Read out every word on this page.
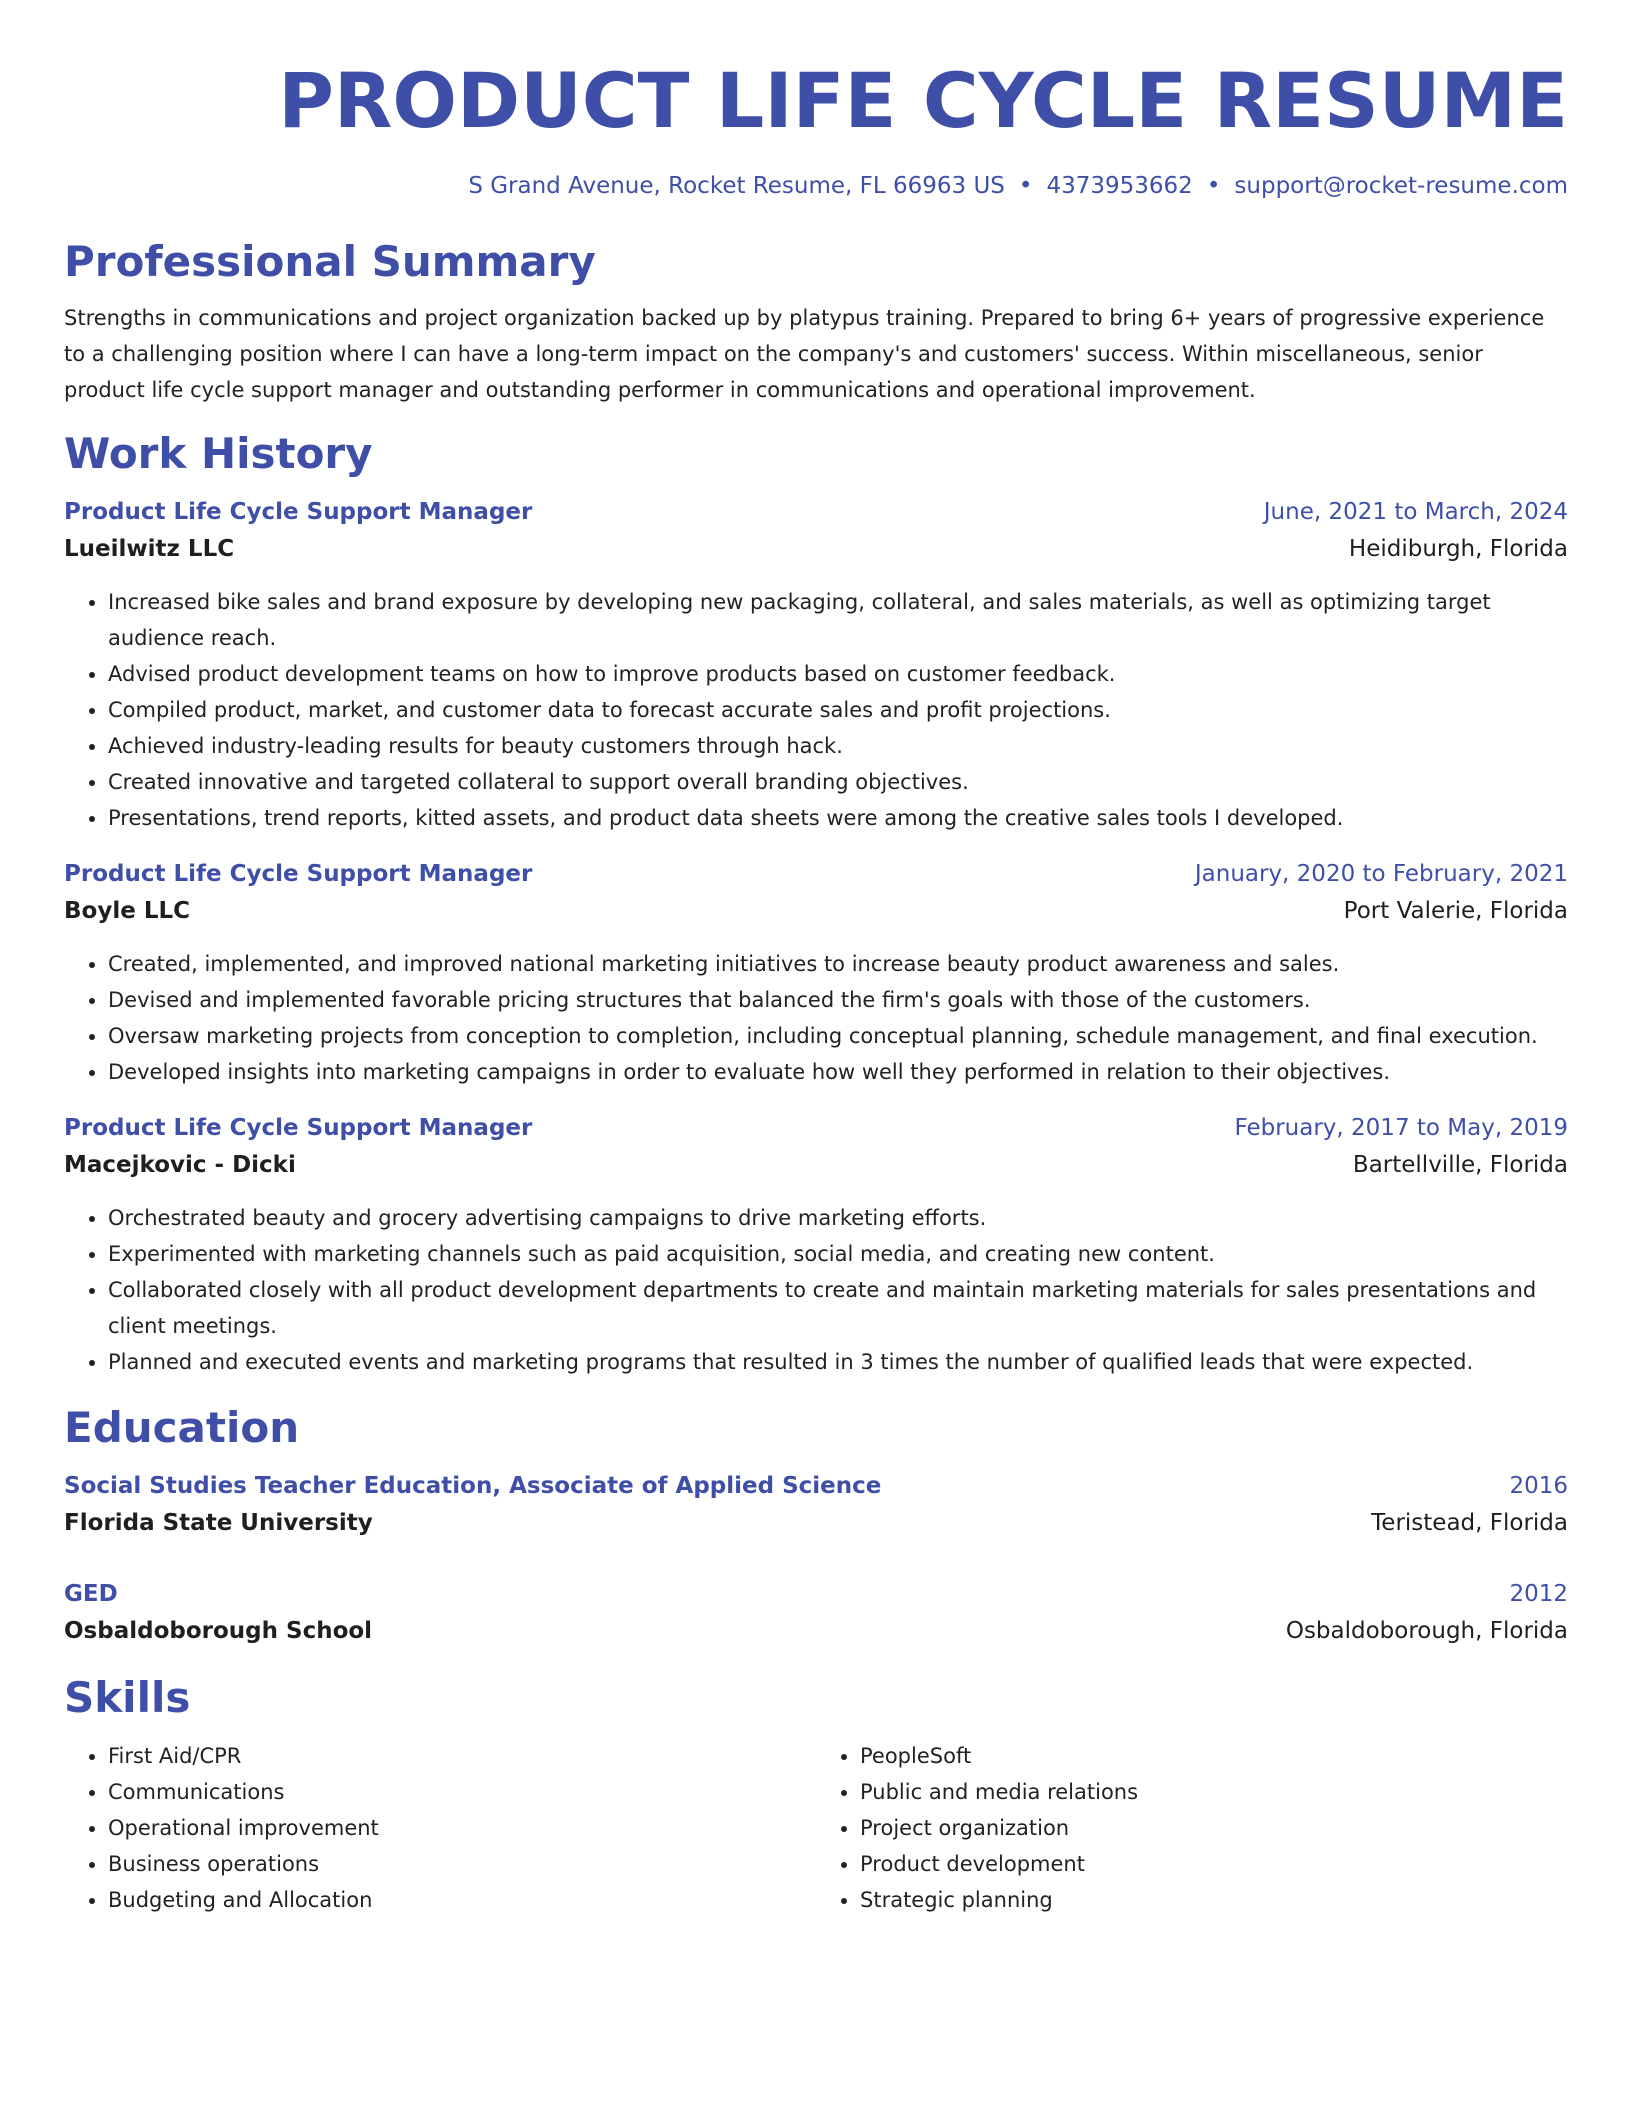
PRODUCT LIFE CYCLE RESUME
S Grand Avenue, Rocket Resume, FL 66963 US • 4373953662 • support@rocket-resume.com
Professional Summary

Strengths in communications and project organization backed up by platypus training. Prepared to bring 6+ years of progressive experience to a challenging position where I can have a long-term impact on the company's and customers' success. Within miscellaneous, senior product life cycle support manager and outstanding performer in communications and operational improvement.

Work History
Product Life Cycle Support Manager	June, 2021 to March, 2024
Lueilwitz LLC	Heidiburgh, Florida
• Increased bike sales and brand exposure by developing new packaging, collateral, and sales materials, as well as optimizing target audience reach.
• Advised product development teams on how to improve products based on customer feedback.
• Compiled product, market, and customer data to forecast accurate sales and profit projections.
• Achieved industry-leading results for beauty customers through hack.
• Created innovative and targeted collateral to support overall branding objectives.
• Presentations, trend reports, kitted assets, and product data sheets were among the creative sales tools I developed.
Product Life Cycle Support Manager	January, 2020 to February, 2021
Boyle LLC	Port Valerie, Florida
• Created, implemented, and improved national marketing initiatives to increase beauty product awareness and sales.
• Devised and implemented favorable pricing structures that balanced the firm's goals with those of the customers.
• Oversaw marketing projects from conception to completion, including conceptual planning, schedule management, and final execution.
• Developed insights into marketing campaigns in order to evaluate how well they performed in relation to their objectives.
Product Life Cycle Support Manager	February, 2017 to May, 2019
Macejkovic - Dicki	Bartellville, Florida
• Orchestrated beauty and grocery advertising campaigns to drive marketing efforts.
• Experimented with marketing channels such as paid acquisition, social media, and creating new content.
• Collaborated closely with all product development departments to create and maintain marketing materials for sales presentations and client meetings.
• Planned and executed events and marketing programs that resulted in 3 times the number of qualified leads that were expected.
Education
Social Studies Teacher Education, Associate of Applied Science	2016
Florida State University	Teristead, Florida
GED	2012
Osbaldoborough School	Osbaldoborough, Florida
Skills
• First Aid/CPR
• Communications
• Operational improvement
• Business operations
• Budgeting and Allocation
• PeopleSoft
• Public and media relations
• Project organization
• Product development
• Strategic planning
